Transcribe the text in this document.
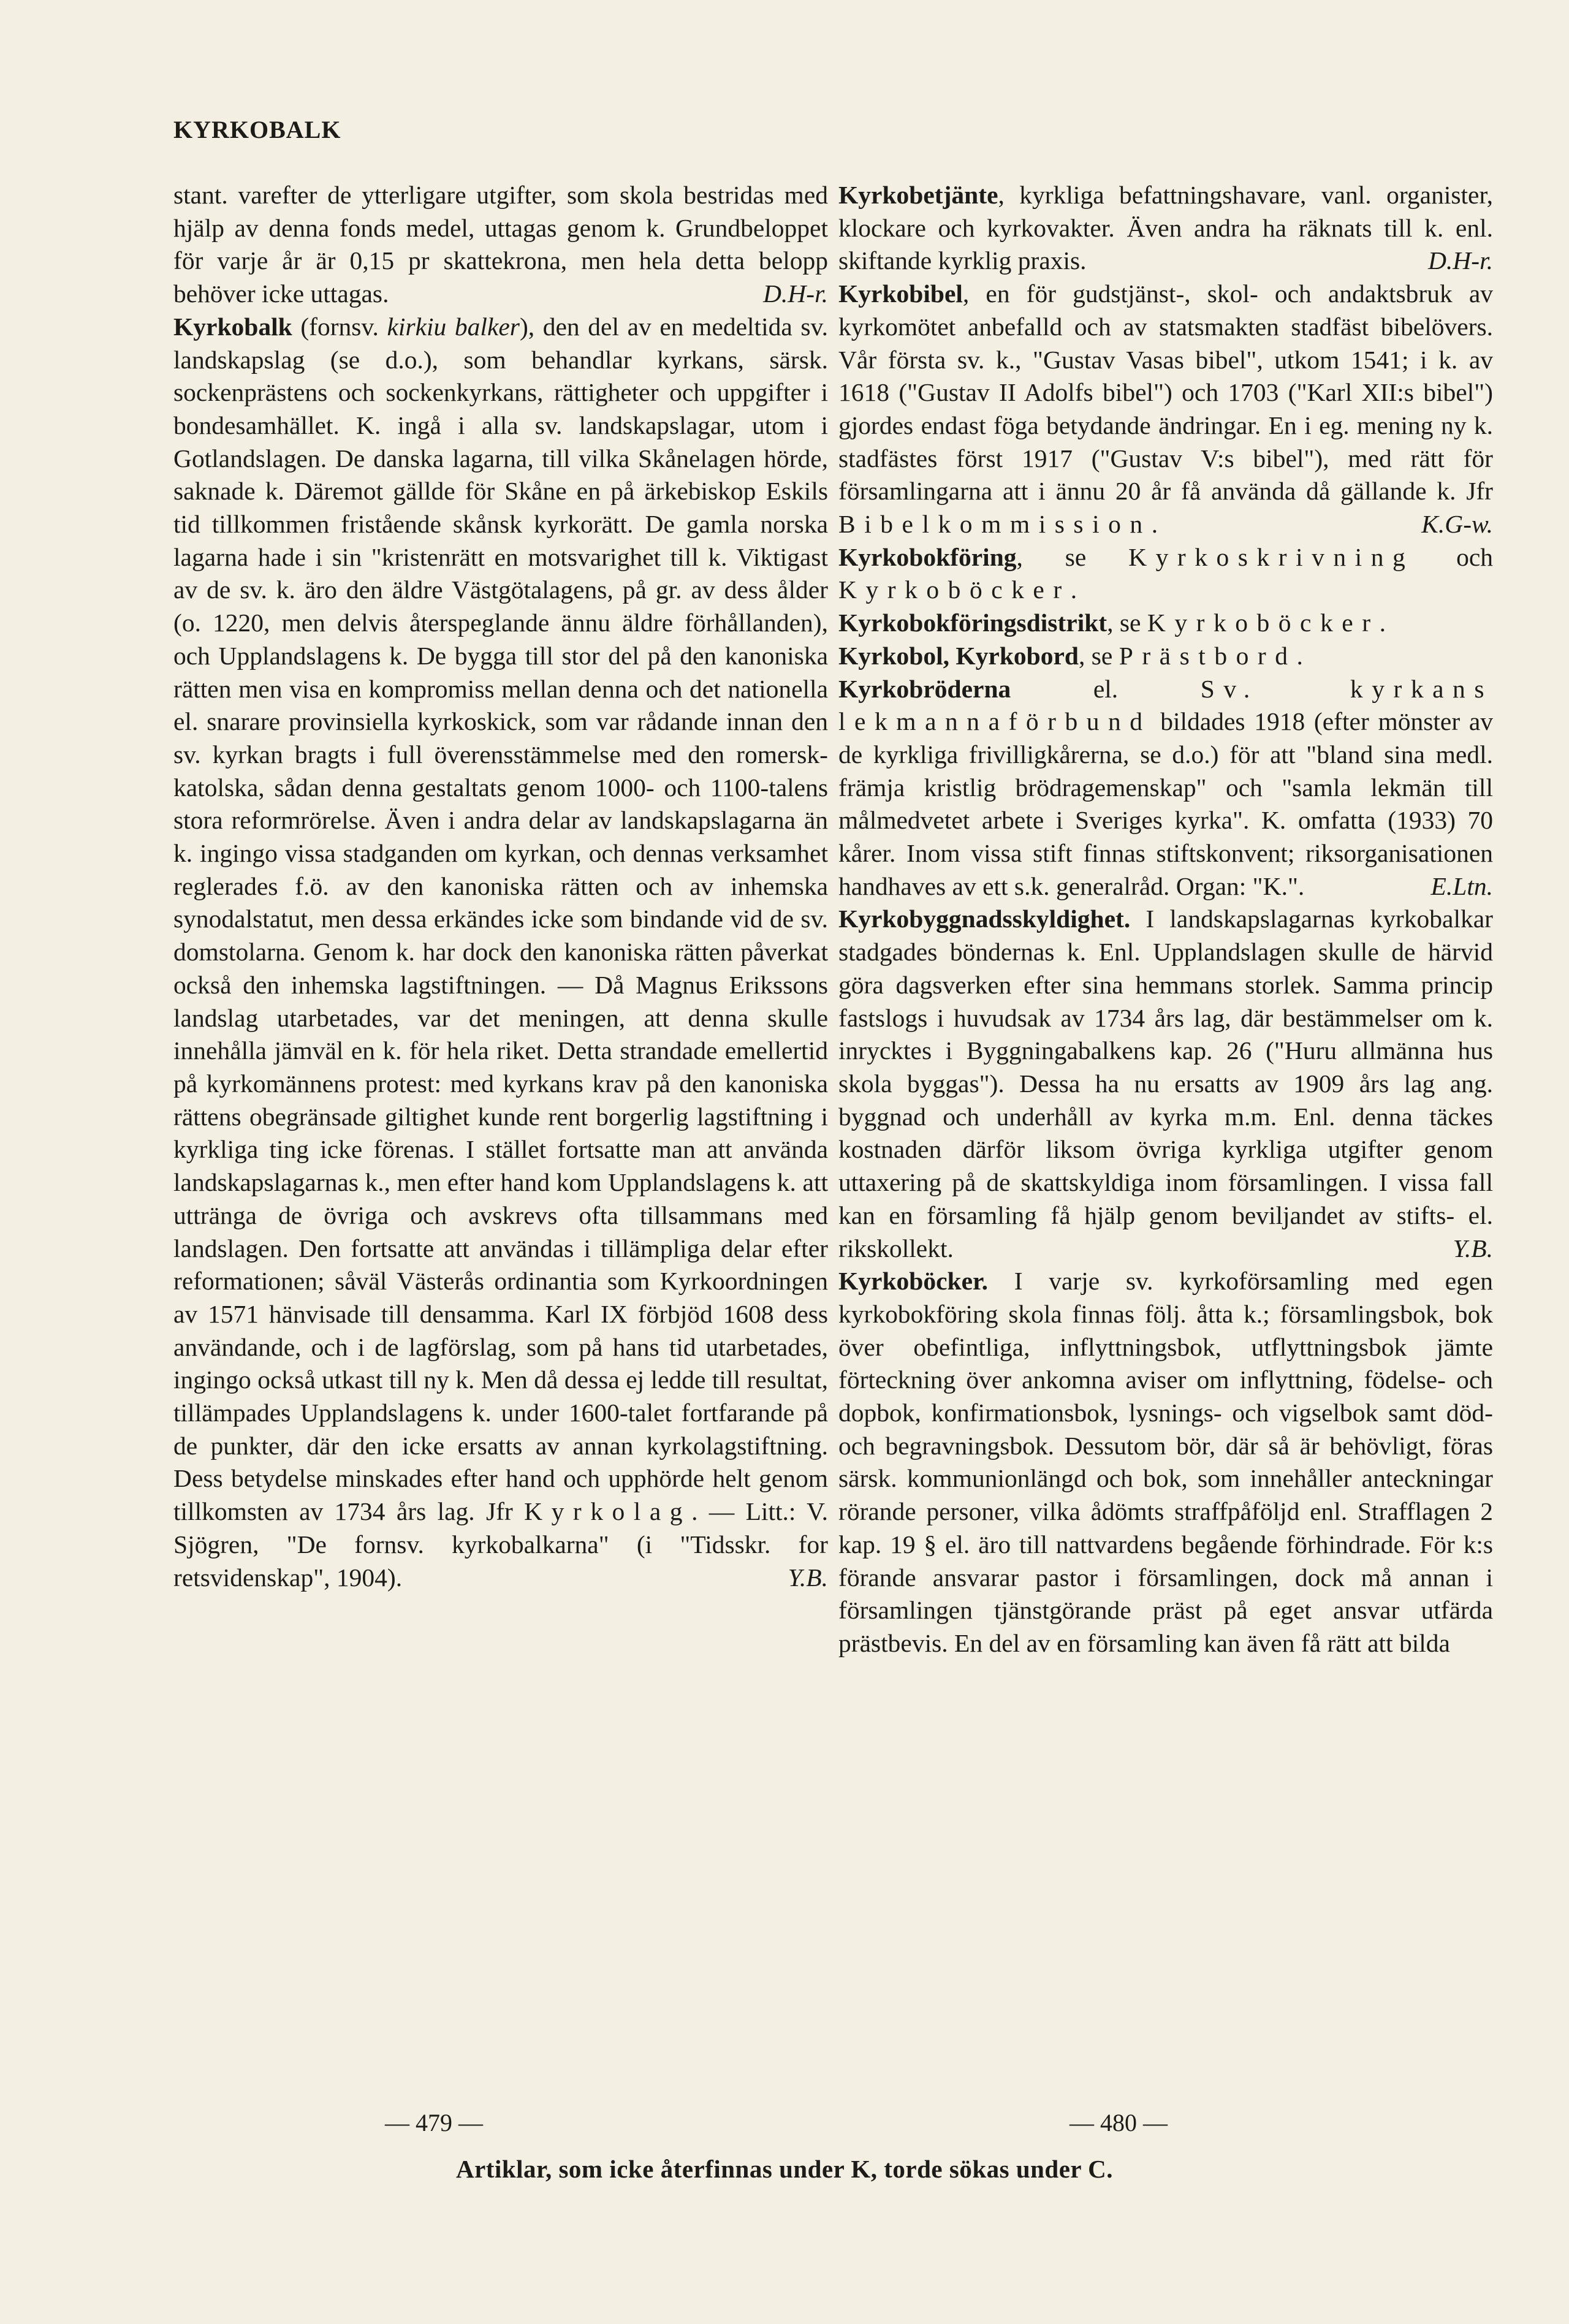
KYRKOBALK

stant. varefter de ytterligare utgifter, som skola bestridas med hjälp av denna fonds medel, uttagas genom k. Grundbeloppet för varje år är 0,15 pr skattekrona, men hela detta belopp behöver icke uttagas.	D.H-r.

Kyrkobalk (fornsv. kirkiu balker), den del av en medeltida sv. landskapslag (se d.o.), som behandlar kyrkans, särsk. sockenprästens och sockenkyrkans, rättigheter och uppgifter i bondesamhället. K. ingå i alla sv. landskapslagar, utom i Gotlandslagen. De danska lagarna, till vilka Skånelagen hörde, saknade k. Däremot gällde för Skåne en på ärkebiskop Eskils tid tillkommen fristående skånsk kyrkorätt. De gamla norska lagarna hade i sin "kristenrätt en motsvarighet till k. Viktigast av de sv. k. äro den äldre Västgötalagens, på gr. av dess ålder (o. 1220, men delvis återspeglande ännu äldre förhållanden), och Upplandslagens k. De bygga till stor del på den kanoniska rätten men visa en kompromiss mellan denna och det nationella el. snarare provinsiella kyrkoskick, som var rådande innan den sv. kyrkan bragts i full överensstämmelse med den romersk-katolska, sådan denna gestaltats genom 1000- och 1100-talens stora reformrörelse. Även i andra delar av landskapslagarna än k. ingingo vissa stadganden om kyrkan, och dennas verksamhet reglerades f.ö. av den kanoniska rätten och av inhemska synodalstatut, men dessa erkändes icke som bindande vid de sv. domstolarna. Genom k. har dock den kanoniska rätten påverkat också den inhemska lagstiftningen. — Då Magnus Erikssons landslag utarbetades, var det meningen, att denna skulle innehålla jämväl en k. för hela riket. Detta strandade emellertid på kyrkomännens protest: med kyrkans krav på den kanoniska rättens obegränsade giltighet kunde rent borgerlig lagstiftning i kyrkliga ting icke förenas. I stället fortsatte man att använda landskapslagarnas k., men efter hand kom Upplandslagens k. att uttränga de övriga och avskrevs ofta tillsammans med landslagen. Den fortsatte att användas i tillämpliga delar efter reformationen; såväl Västerås ordinantia som Kyrkoordningen av 1571 hänvisade till densamma. Karl IX förbjöd 1608 dess användande, och i de lagförslag, som på hans tid utarbetades, ingingo också utkast till ny k. Men då dessa ej ledde till resultat, tillämpades Upplandslagens k. under 1600-talet fortfarande på de punkter, där den icke ersatts av annan kyrkolagstiftning. Dess betydelse minskades efter hand och upphörde helt genom tillkomsten av 1734 års lag. Jfr Kyrkolag. — Litt.: V. Sjögren, "De fornsv. kyrkobalkarna" (i "Tidsskr. for retsvidenskap", 1904).	Y.B.

Kyrkobetjänte, kyrkliga befattningshavare, vanl. organister, klockare och kyrkovakter. Även andra ha räknats till k. enl. skiftande kyrklig praxis.	D.H-r.

Kyrkobibel, en för gudstjänst-, skol- och andaktsbruk av kyrkomötet anbefalld och av statsmakten stadfäst bibelövers. Vår första sv. k., "Gustav Vasas bibel", utkom 1541; i k. av 1618 ("Gustav II Adolfs bibel") och 1703 ("Karl XII:s bibel") gjordes endast föga betydande ändringar. En i eg. mening ny k. stadfästes först 1917 ("Gustav V:s bibel"), med rätt för församlingarna att i ännu 20 år få använda då gällande k. Jfr Bibelkommission.	K.G-w.

Kyrkobokföring, se Kyrkoskrivning och Kyrkoböcker.

Kyrkobokföringsdistrikt, se Kyrkoböcker.

Kyrkobol, Kyrkobord, se Prästbord.

Kyrkobröderna el. Sv. kyrkans lekmannaförbund bildades 1918 (efter mönster av de kyrkliga frivilligkårerna, se d.o.) för att "bland sina medl. främja kristlig brödragemenskap" och "samla lekmän till målmedvetet arbete i Sveriges kyrka". K. omfatta (1933) 70 kårer. Inom vissa stift finnas stiftskonvent; riksorganisationen handhaves av ett s.k. generalråd. Organ: "K.".	E.Ltn.

Kyrkobyggnadsskyldighet. I landskapslagarnas kyrkobalkar stadgades böndernas k. Enl. Upplandslagen skulle de härvid göra dagsverken efter sina hemmans storlek. Samma princip fastslogs i huvudsak av 1734 års lag, där bestämmelser om k. inrycktes i Byggningabalkens kap. 26 ("Huru allmänna hus skola byggas"). Dessa ha nu ersatts av 1909 års lag ang. byggnad och underhåll av kyrka m.m. Enl. denna täckes kostnaden därför liksom övriga kyrkliga utgifter genom uttaxering på de skattskyldiga inom församlingen. I vissa fall kan en församling få hjälp genom beviljandet av stifts- el. rikskollekt.	Y.B.

Kyrkoböcker. I varje sv. kyrkoförsamling med egen kyrkobokföring skola finnas följ. åtta k.; församlingsbok, bok över obefintliga, inflyttningsbok, utflyttningsbok jämte förteckning över ankomna aviser om inflyttning, födelse- och dopbok, konfirmationsbok, lysnings- och vigselbok samt död- och begravningsbok. Dessutom bör, där så är behövligt, föras särsk. kommunionlängd och bok, som innehåller anteckningar rörande personer, vilka ådömts straffpåföljd enl. Strafflagen 2 kap. 19 § el. äro till nattvardens begående förhindrade. För k:s förande ansvarar pastor i församlingen, dock må annan i församlingen tjänstgörande präst på eget ansvar utfärda prästbevis. En del av en församling kan även få rätt att bilda

— 479 —	— 480 —
Artiklar, som icke återfinnas under K, torde sökas under C.
